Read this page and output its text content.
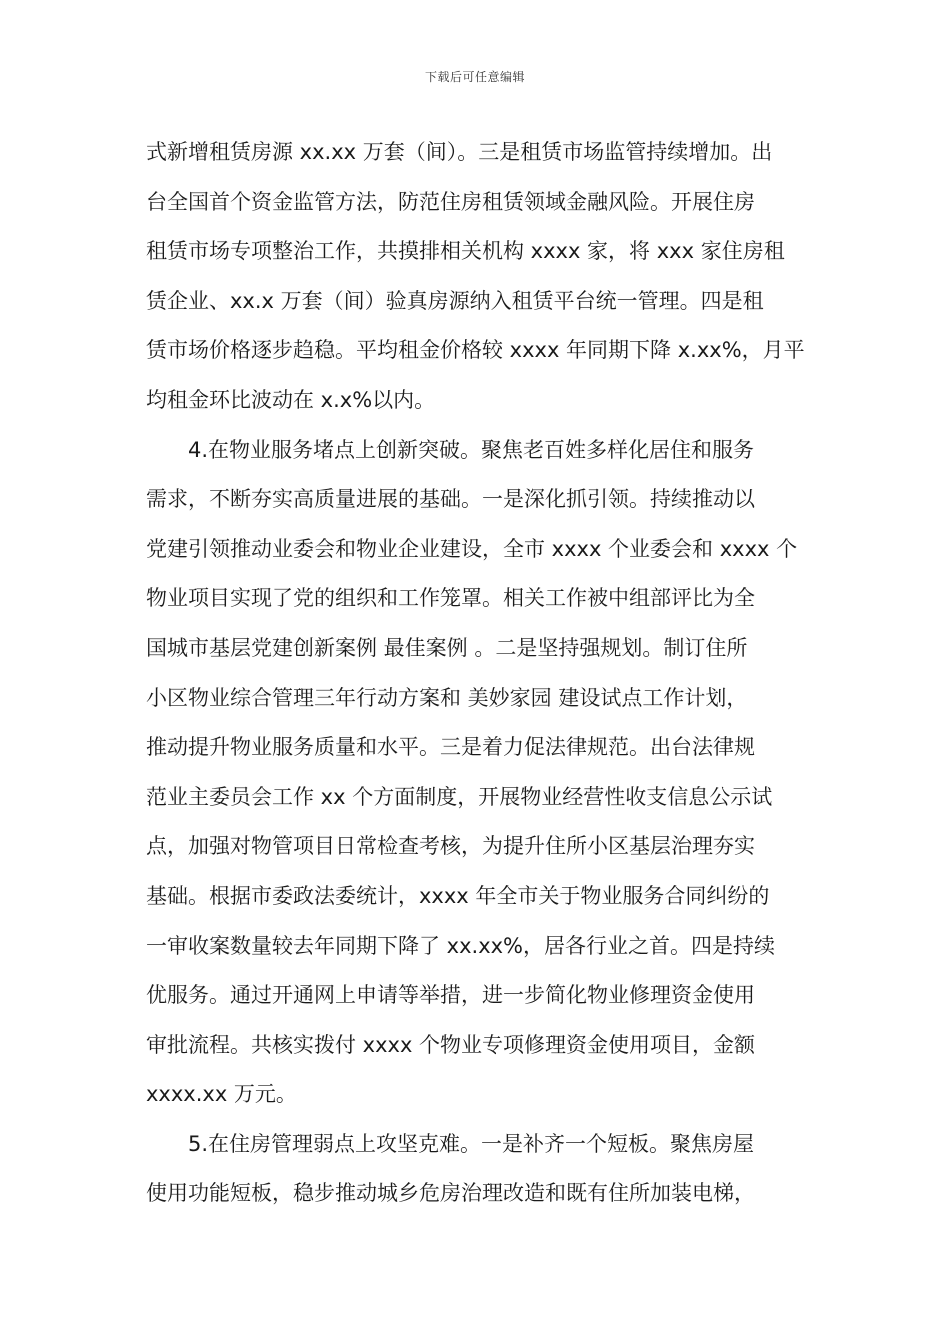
下载后可任意编辑
式新增租赁房源 xx.xx 万套（间）。三是租赁市场监管持续增加。出
台全国首个资金监管方法，防范住房租赁领域金融风险。开展住房
租赁市场专项整治工作，共摸排相关机构 xxxx 家，将 xxx 家住房租
赁企业、xx.x 万套（间）验真房源纳入租赁平台统一管理。四是租
赁市场价格逐步趋稳。平均租金价格较 xxxx 年同期下降 x.xx%，月平
均租金环比波动在 x.x%以内。
4.在物业服务堵点上创新突破。聚焦老百姓多样化居住和服务
需求，不断夯实高质量进展的基础。一是深化抓引领。持续推动以
党建引领推动业委会和物业企业建设，全市 xxxx 个业委会和 xxxx 个
物业项目实现了党的组织和工作笼罩。相关工作被中组部评比为全
国城市基层党建创新案例 最佳案例 。二是坚持强规划。制订住所
小区物业综合管理三年行动方案和 美妙家园 建设试点工作计划，
推动提升物业服务质量和水平。三是着力促法律规范。出台法律规
范业主委员会工作 xx 个方面制度，开展物业经营性收支信息公示试
点，加强对物管项目日常检查考核，为提升住所小区基层治理夯实
基础。根据市委政法委统计，xxxx 年全市关于物业服务合同纠纷的
一审收案数量较去年同期下降了 xx.xx%，居各行业之首。四是持续
优服务。通过开通网上申请等举措，进一步简化物业修理资金使用
审批流程。共核实拨付 xxxx 个物业专项修理资金使用项目，金额
xxxx.xx 万元。
5.在住房管理弱点上攻坚克难。一是补齐一个短板。聚焦房屋
使用功能短板，稳步推动城乡危房治理改造和既有住所加装电梯，
